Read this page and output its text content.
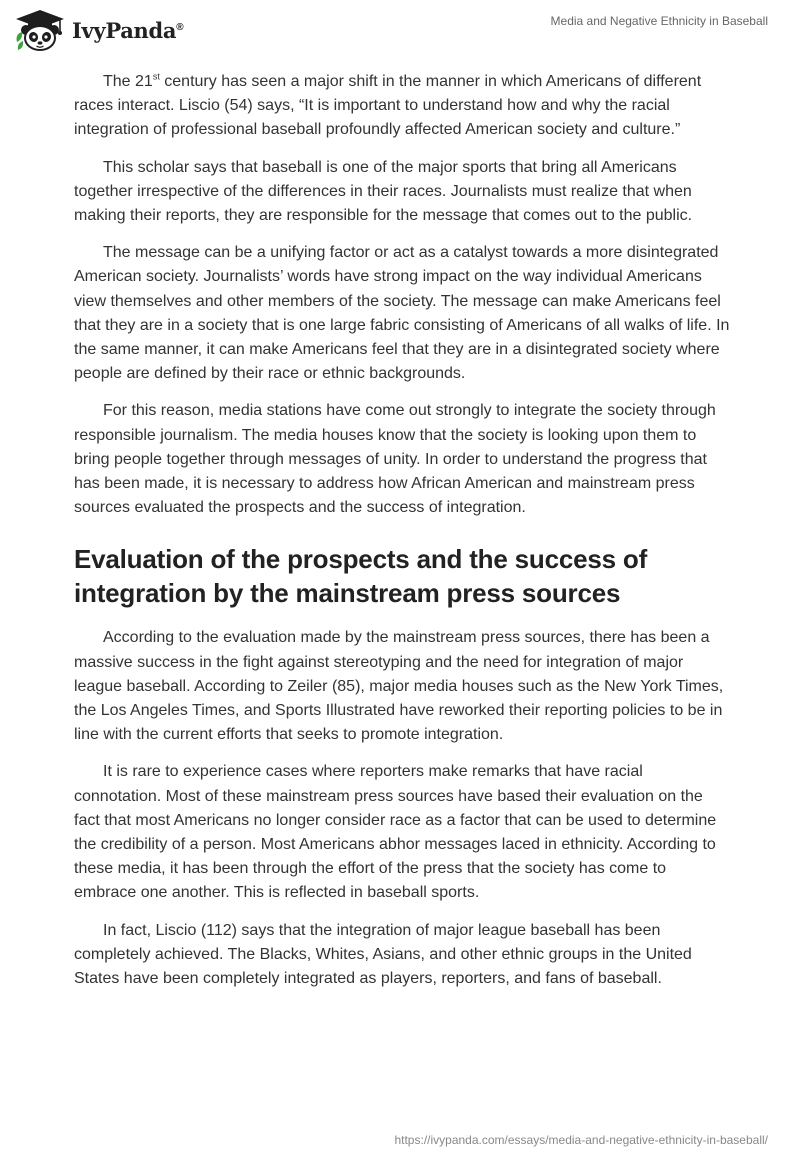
IvyPanda®	Media and Negative Ethnicity in Baseball

The 21st century has seen a major shift in the manner in which Americans of different races interact. Liscio (54) says, “It is important to understand how and why the racial integration of professional baseball profoundly affected American society and culture.”

This scholar says that baseball is one of the major sports that bring all Americans together irrespective of the differences in their races. Journalists must realize that when making their reports, they are responsible for the message that comes out to the public.

The message can be a unifying factor or act as a catalyst towards a more disintegrated American society. Journalists’ words have strong impact on the way individual Americans view themselves and other members of the society. The message can make Americans feel that they are in a society that is one large fabric consisting of Americans of all walks of life. In the same manner, it can make Americans feel that they are in a disintegrated society where people are defined by their race or ethnic backgrounds.

For this reason, media stations have come out strongly to integrate the society through responsible journalism. The media houses know that the society is looking upon them to bring people together through messages of unity. In order to understand the progress that has been made, it is necessary to address how African American and mainstream press sources evaluated the prospects and the success of integration.

Evaluation of the prospects and the success of integration by the mainstream press sources

According to the evaluation made by the mainstream press sources, there has been a massive success in the fight against stereotyping and the need for integration of major league baseball. According to Zeiler (85), major media houses such as the New York Times, the Los Angeles Times, and Sports Illustrated have reworked their reporting policies to be in line with the current efforts that seeks to promote integration.

It is rare to experience cases where reporters make remarks that have racial connotation. Most of these mainstream press sources have based their evaluation on the fact that most Americans no longer consider race as a factor that can be used to determine the credibility of a person. Most Americans abhor messages laced in ethnicity. According to these media, it has been through the effort of the press that the society has come to embrace one another. This is reflected in baseball sports.

In fact, Liscio (112) says that the integration of major league baseball has been completely achieved. The Blacks, Whites, Asians, and other ethnic groups in the United States have been completely integrated as players, reporters, and fans of baseball.

https://ivypanda.com/essays/media-and-negative-ethnicity-in-baseball/
